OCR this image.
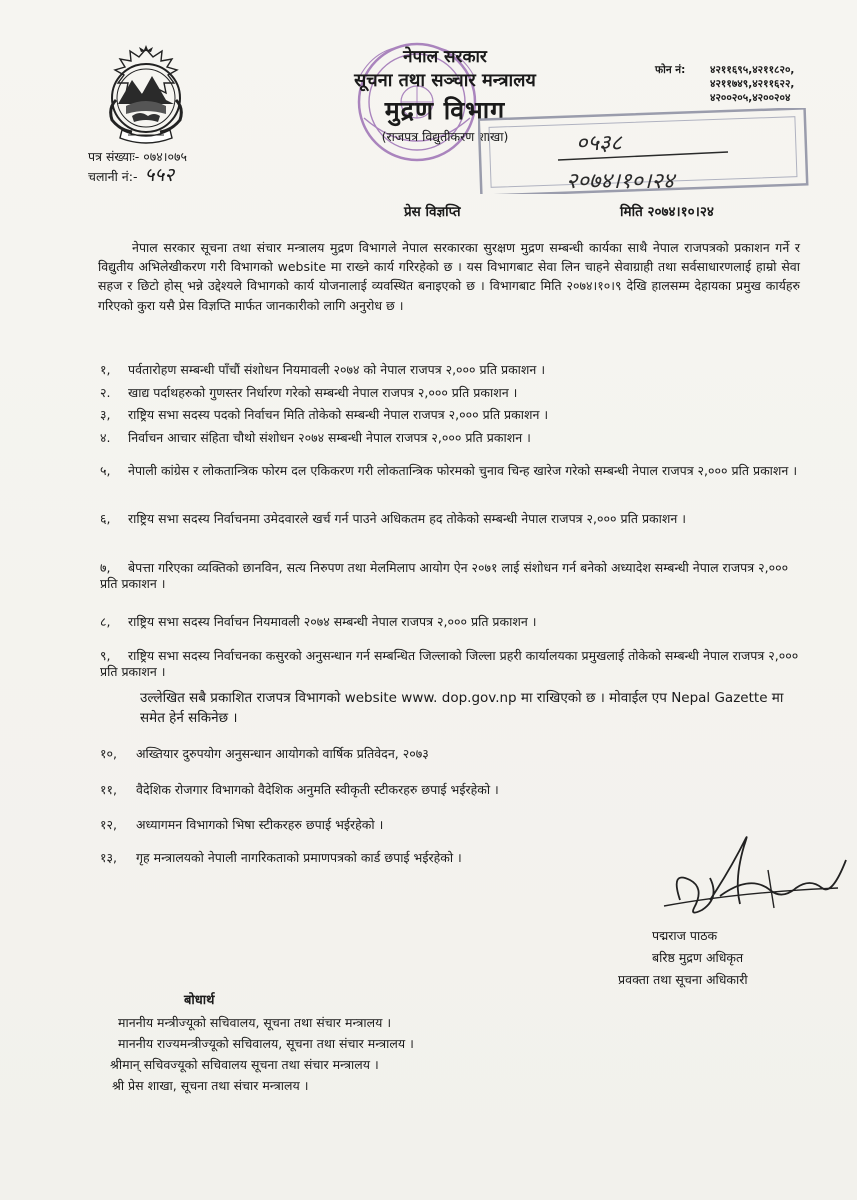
नेपाल सरकार
सूचना तथा सञ्चार मन्त्रालय
मुद्रण विभाग
(राजपत्र विद्युतीकरण शाखा)
फोन नं: ४२११६९५,४२११८२०,
४२११७४९,४२११६२२,
४२००२०५,४२००२०४
पत्र संख्याः- ०७४।०७५
चलानी नं:- ५५२
०५३८
२०७४।१०।२४
प्रेस विज्ञप्ति	मिति २०७४।१०।२४

नेपाल सरकार सूचना तथा संचार मन्त्रालय मुद्रण विभागले नेपाल सरकारका सुरक्षण मुद्रण सम्बन्धी कार्यका साथै नेपाल राजपत्रको प्रकाशन गर्ने र विद्युतीय अभिलेखीकरण गरी विभागको website मा राख्ने कार्य गरिरहेको छ । यस विभागबाट सेवा लिन चाहने सेवाग्राही तथा सर्वसाधारणलाई हाम्रो सेवा सहज र छिटो होस् भन्ने उद्देश्यले विभागको कार्य योजनालाई व्यवस्थित बनाइएको छ । विभागबाट मिति २०७४।१०।९ देखि हालसम्म देहायका प्रमुख कार्यहरु गरिएको कुरा यसै प्रेस विज्ञप्ति मार्फत जानकारीको लागि अनुरोध छ ।

१, पर्वतारोहण सम्बन्धी पाँचौं संशोधन नियमावली २०७४ को नेपाल राजपत्र २,००० प्रति प्रकाशन ।
२. खाद्य पर्दाथहरुको गुणस्तर निर्धारण गरेको सम्बन्धी नेपाल राजपत्र २,००० प्रति प्रकाशन ।
३, राष्ट्रिय सभा सदस्य पदको निर्वाचन मिति तोकेको सम्बन्धी नेपाल राजपत्र २,००० प्रति प्रकाशन ।
४. निर्वाचन आचार संहिता चौथो संशोधन २०७४ सम्बन्धी नेपाल राजपत्र २,००० प्रति प्रकाशन ।
५, नेपाली कांग्रेस र लोकतान्त्रिक फोरम दल एकिकरण गरी लोकतान्त्रिक फोरमको चुनाव चिन्ह खारेज गरेको सम्बन्धी नेपाल राजपत्र २,००० प्रति प्रकाशन ।
६, राष्ट्रिय सभा सदस्य निर्वाचनमा उमेदवारले खर्च गर्न पाउने अधिकतम हद तोकेको सम्बन्धी नेपाल राजपत्र २,००० प्रति प्रकाशन ।
७, बेपत्ता गरिएका व्यक्तिको छानविन, सत्य निरुपण तथा मेलमिलाप आयोग ऐन २०७१ लाई संशोधन गर्न बनेको अध्यादेश सम्बन्धी नेपाल राजपत्र २,००० प्रति प्रकाशन ।
८, राष्ट्रिय सभा सदस्य निर्वाचन नियमावली २०७४ सम्बन्धी नेपाल राजपत्र २,००० प्रति प्रकाशन ।
९, राष्ट्रिय सभा सदस्य निर्वाचनका कसुरको अनुसन्धान गर्न सम्बन्धित जिल्लाको जिल्ला प्रहरी कार्यालयका प्रमुखलाई तोकेको सम्बन्धी नेपाल राजपत्र २,००० प्रति प्रकाशन ।

उल्लेखित सबै प्रकाशित राजपत्र विभागको website www. dop.gov.np मा राखिएको छ । मोवाईल एप Nepal Gazette मा समेत हेर्न सकिनेछ ।

१०, अख्तियार दुरुपयोग अनुसन्धान आयोगको वार्षिक प्रतिवेदन, २०७३
११, वैदेशिक रोजगार विभागको वैदेशिक अनुमति स्वीकृती स्टीकरहरु छपाई भईरहेको ।
१२, अध्यागमन विभागको भिषा स्टीकरहरु छपाई भईरहेको ।
१३, गृह मन्त्रालयको नेपाली नागरिकताको प्रमाणपत्रको कार्ड छपाई भईरहेको ।
पद्मराज पाठक
बरिष्ठ मुद्रण अधिकृत
प्रवक्ता तथा सूचना अधिकारी
बोधार्थ
माननीय मन्त्रीज्यूको सचिवालय, सूचना तथा संचार मन्त्रालय ।
माननीय राज्यमन्त्रीज्यूको सचिवालय, सूचना तथा संचार मन्त्रालय ।
श्रीमान् सचिवज्यूको सचिवालय सूचना तथा संचार मन्त्रालय ।
श्री प्रेस शाखा, सूचना तथा संचार मन्त्रालय ।
